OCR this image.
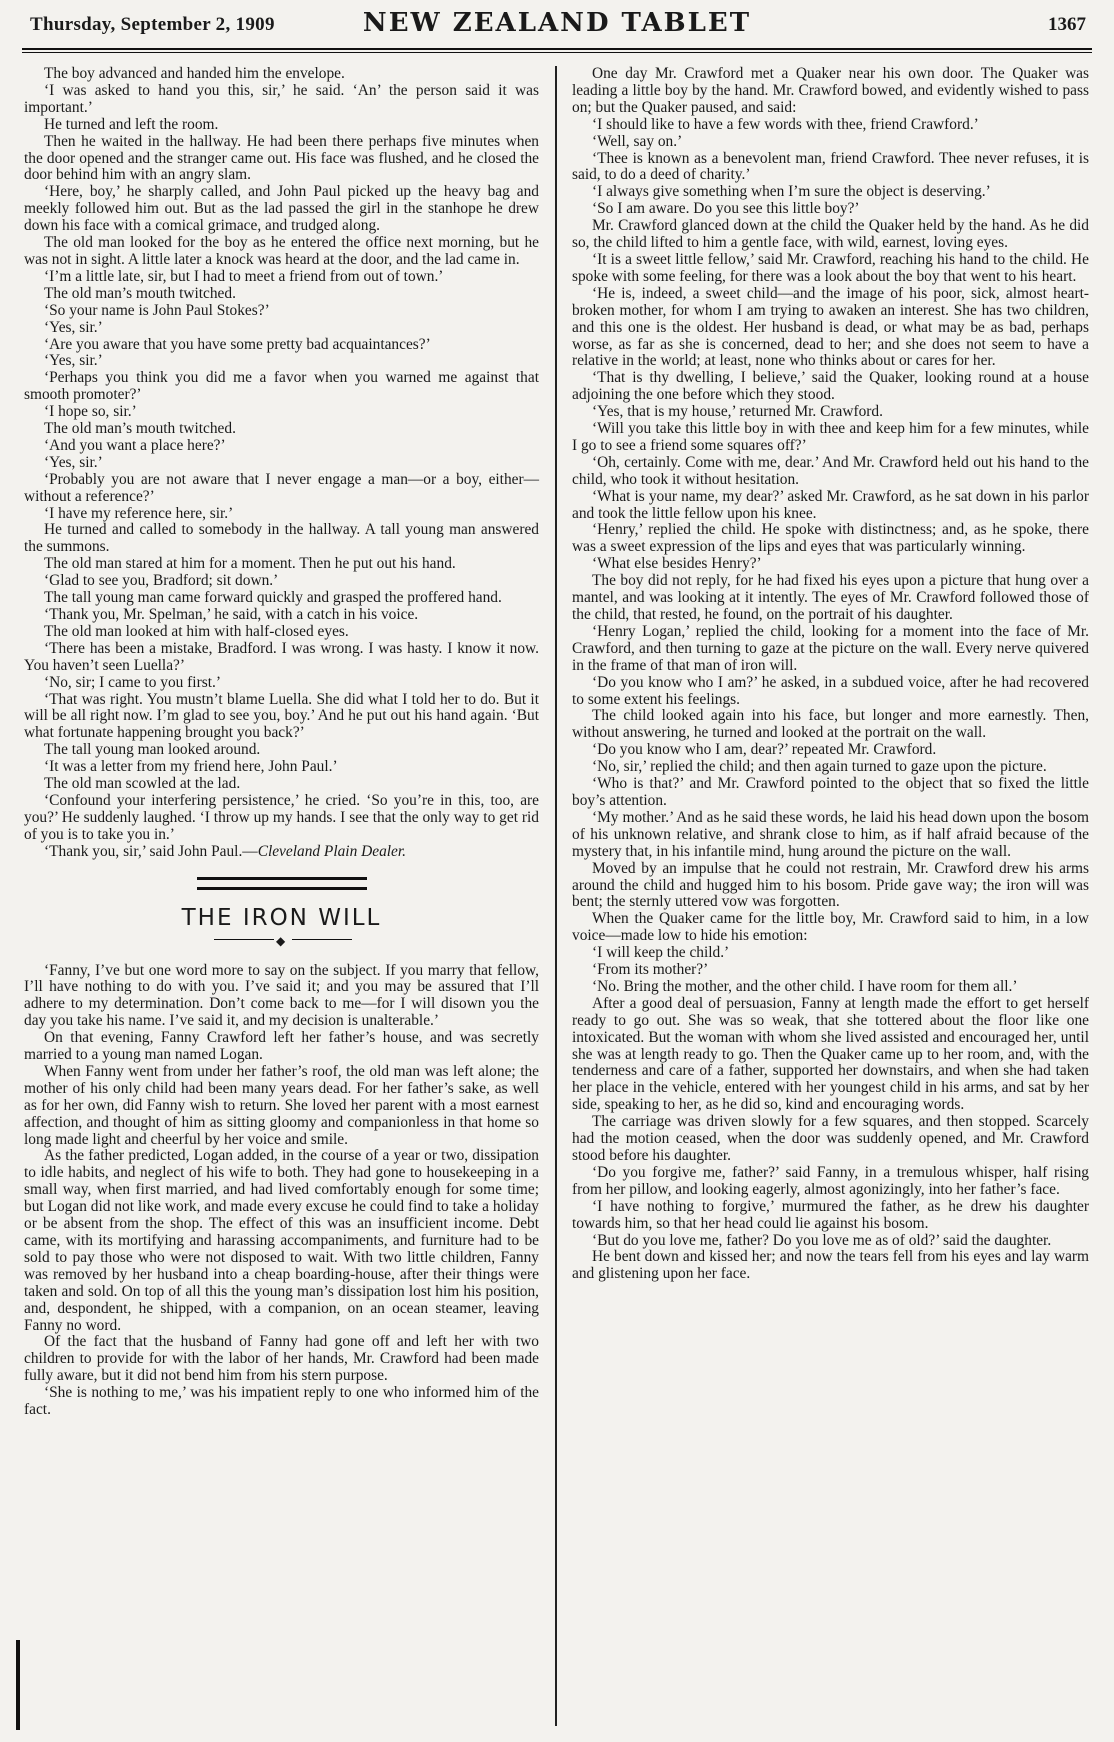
Thursday, September 2, 1909	NEW ZEALAND TABLET	1367

The boy advanced and handed him the envelope.

‘I was asked to hand you this, sir,’ he said. ‘An’ the person said it was important.’

He turned and left the room.

Then he waited in the hallway. He had been there perhaps five minutes when the door opened and the stranger came out. His face was flushed, and he closed the door behind him with an angry slam.

‘Here, boy,’ he sharply called, and John Paul picked up the heavy bag and meekly followed him out. But as the lad passed the girl in the stanhope he drew down his face with a comical grimace, and trudged along.

The old man looked for the boy as he entered the office next morning, but he was not in sight. A little later a knock was heard at the door, and the lad came in.

‘I’m a little late, sir, but I had to meet a friend from out of town.’

The old man’s mouth twitched.

‘So your name is John Paul Stokes?’

‘Yes, sir.’

‘Are you aware that you have some pretty bad acquaintances?’

‘Yes, sir.’

‘Perhaps you think you did me a favor when you warned me against that smooth promoter?’

‘I hope so, sir.’

The old man’s mouth twitched.

‘And you want a place here?’

‘Yes, sir.’

‘Probably you are not aware that I never engage a man—or a boy, either—without a reference?’

‘I have my reference here, sir.’

He turned and called to somebody in the hallway. A tall young man answered the summons.

The old man stared at him for a moment. Then he put out his hand.

‘Glad to see you, Bradford; sit down.’

The tall young man came forward quickly and grasped the proffered hand.

‘Thank you, Mr. Spelman,’ he said, with a catch in his voice.

The old man looked at him with half-closed eyes.

‘There has been a mistake, Bradford. I was wrong. I was hasty. I know it now. You haven’t seen Luella?’

‘No, sir; I came to you first.’

‘That was right. You mustn’t blame Luella. She did what I told her to do. But it will be all right now. I’m glad to see you, boy.’ And he put out his hand again. ‘But what fortunate happening brought you back?’

The tall young man looked around.

‘It was a letter from my friend here, John Paul.’

The old man scowled at the lad.

‘Confound your interfering persistence,’ he cried. ‘So you’re in this, too, are you?’ He suddenly laughed. ‘I throw up my hands. I see that the only way to get rid of you is to take you in.’

‘Thank you, sir,’ said John Paul.—Cleveland Plain Dealer.

THE IRON WILL
◆

‘Fanny, I’ve but one word more to say on the subject. If you marry that fellow, I’ll have nothing to do with you. I’ve said it; and you may be assured that I’ll adhere to my determination. Don’t come back to me—for I will disown you the day you take his name. I’ve said it, and my decision is unalterable.’

On that evening, Fanny Crawford left her father’s house, and was secretly married to a young man named Logan.

When Fanny went from under her father’s roof, the old man was left alone; the mother of his only child had been many years dead. For her father’s sake, as well as for her own, did Fanny wish to return. She loved her parent with a most earnest affection, and thought of him as sitting gloomy and companionless in that home so long made light and cheerful by her voice and smile.

As the father predicted, Logan added, in the course of a year or two, dissipation to idle habits, and neglect of his wife to both. They had gone to housekeeping in a small way, when first married, and had lived comfortably enough for some time; but Logan did not like work, and made every excuse he could find to take a holiday or be absent from the shop. The effect of this was an insufficient income. Debt came, with its mortifying and harassing accompaniments, and furniture had to be sold to pay those who were not disposed to wait. With two little children, Fanny was removed by her husband into a cheap boarding-house, after their things were taken and sold. On top of all this the young man’s dissipation lost him his position, and, despondent, he shipped, with a companion, on an ocean steamer, leaving Fanny no word.

Of the fact that the husband of Fanny had gone off and left her with two children to provide for with the labor of her hands, Mr. Crawford had been made fully aware, but it did not bend him from his stern purpose.

‘She is nothing to me,’ was his impatient reply to one who informed him of the fact.

One day Mr. Crawford met a Quaker near his own door. The Quaker was leading a little boy by the hand. Mr. Crawford bowed, and evidently wished to pass on; but the Quaker paused, and said:

‘I should like to have a few words with thee, friend Crawford.’

‘Well, say on.’

‘Thee is known as a benevolent man, friend Crawford. Thee never refuses, it is said, to do a deed of charity.’

‘I always give something when I’m sure the object is deserving.’

‘So I am aware. Do you see this little boy?’

Mr. Crawford glanced down at the child the Quaker held by the hand. As he did so, the child lifted to him a gentle face, with wild, earnest, loving eyes.

‘It is a sweet little fellow,’ said Mr. Crawford, reaching his hand to the child. He spoke with some feeling, for there was a look about the boy that went to his heart.

‘He is, indeed, a sweet child—and the image of his poor, sick, almost heart-broken mother, for whom I am trying to awaken an interest. She has two children, and this one is the oldest. Her husband is dead, or what may be as bad, perhaps worse, as far as she is concerned, dead to her; and she does not seem to have a relative in the world; at least, none who thinks about or cares for her.

‘That is thy dwelling, I believe,’ said the Quaker, looking round at a house adjoining the one before which they stood.

‘Yes, that is my house,’ returned Mr. Crawford.

‘Will you take this little boy in with thee and keep him for a few minutes, while I go to see a friend some squares off?’

‘Oh, certainly. Come with me, dear.’ And Mr. Crawford held out his hand to the child, who took it without hesitation.

‘What is your name, my dear?’ asked Mr. Crawford, as he sat down in his parlor and took the little fellow upon his knee.

‘Henry,’ replied the child. He spoke with distinctness; and, as he spoke, there was a sweet expression of the lips and eyes that was particularly winning.

‘What else besides Henry?’

The boy did not reply, for he had fixed his eyes upon a picture that hung over a mantel, and was looking at it intently. The eyes of Mr. Crawford followed those of the child, that rested, he found, on the portrait of his daughter.

‘Henry Logan,’ replied the child, looking for a moment into the face of Mr. Crawford, and then turning to gaze at the picture on the wall. Every nerve quivered in the frame of that man of iron will.

‘Do you know who I am?’ he asked, in a subdued voice, after he had recovered to some extent his feelings.

The child looked again into his face, but longer and more earnestly. Then, without answering, he turned and looked at the portrait on the wall.

‘Do you know who I am, dear?’ repeated Mr. Crawford.

‘No, sir,’ replied the child; and then again turned to gaze upon the picture.

‘Who is that?’ and Mr. Crawford pointed to the object that so fixed the little boy’s attention.

‘My mother.’ And as he said these words, he laid his head down upon the bosom of his unknown relative, and shrank close to him, as if half afraid because of the mystery that, in his infantile mind, hung around the picture on the wall.

Moved by an impulse that he could not restrain, Mr. Crawford drew his arms around the child and hugged him to his bosom. Pride gave way; the iron will was bent; the sternly uttered vow was forgotten.

When the Quaker came for the little boy, Mr. Crawford said to him, in a low voice—made low to hide his emotion:

‘I will keep the child.’

‘From its mother?’

‘No. Bring the mother, and the other child. I have room for them all.’

After a good deal of persuasion, Fanny at length made the effort to get herself ready to go out. She was so weak, that she tottered about the floor like one intoxicated. But the woman with whom she lived assisted and encouraged her, until she was at length ready to go. Then the Quaker came up to her room, and, with the tenderness and care of a father, supported her downstairs, and when she had taken her place in the vehicle, entered with her youngest child in his arms, and sat by her side, speaking to her, as he did so, kind and encouraging words.

The carriage was driven slowly for a few squares, and then stopped. Scarcely had the motion ceased, when the door was suddenly opened, and Mr. Crawford stood before his daughter.

‘Do you forgive me, father?’ said Fanny, in a tremulous whisper, half rising from her pillow, and looking eagerly, almost agonizingly, into her father’s face.

‘I have nothing to forgive,’ murmured the father, as he drew his daughter towards him, so that her head could lie against his bosom.

‘But do you love me, father? Do you love me as of old?’ said the daughter.

He bent down and kissed her; and now the tears fell from his eyes and lay warm and glistening upon her face.
